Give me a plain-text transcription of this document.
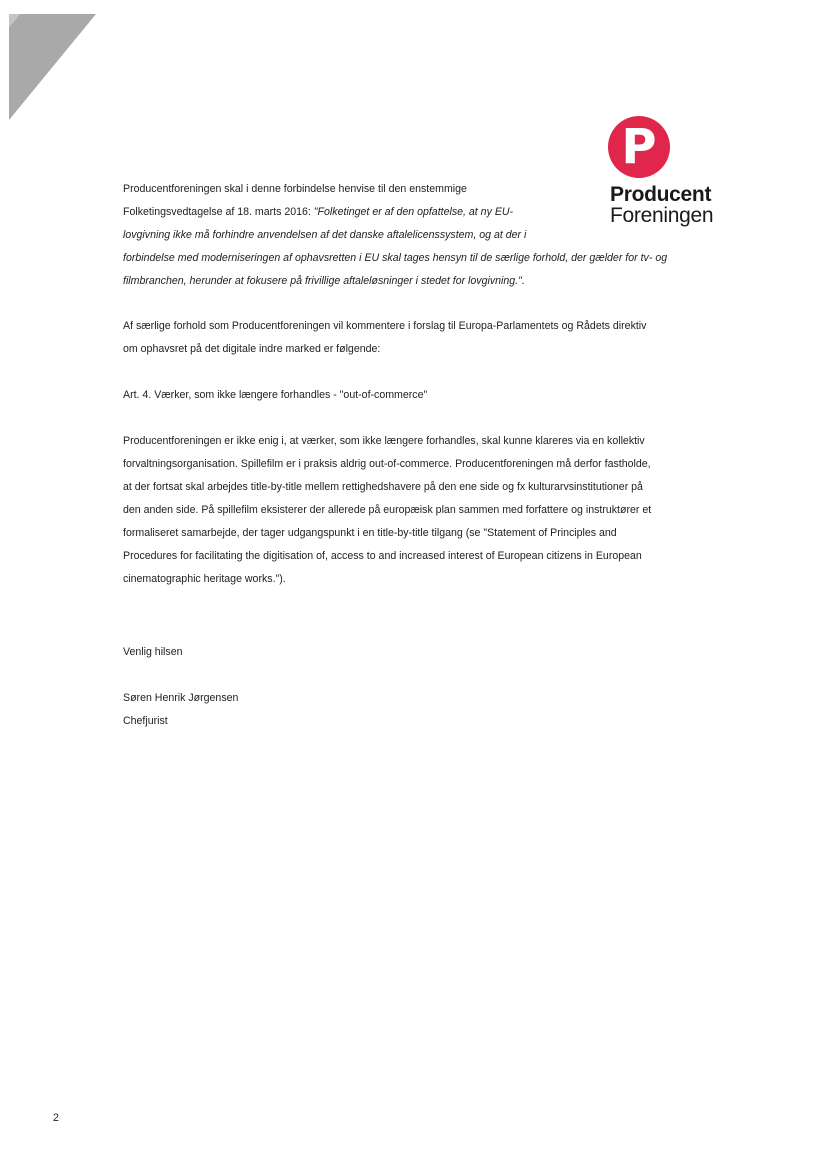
P
Producent
Foreningen
Producentforeningen skal i denne forbindelse henvise til den enstemmige
Folketingsvedtagelse af 18. marts 2016: "Folketinget er af den opfattelse, at ny EU-
lovgivning ikke må forhindre anvendelsen af det danske aftalelicenssystem, og at der i
forbindelse med moderniseringen af ophavsretten i EU skal tages hensyn til de særlige forhold, der gælder for tv- og
filmbranchen, herunder at fokusere på frivillige aftaleløsninger i stedet for lovgivning.".
Af særlige forhold som Producentforeningen vil kommentere i forslag til Europa-Parlamentets og Rådets direktiv
om ophavsret på det digitale indre marked er følgende:
Art. 4. Værker, som ikke længere forhandles - "out-of-commerce"
Producentforeningen er ikke enig i, at værker, som ikke længere forhandles, skal kunne klareres via en kollektiv
forvaltningsorganisation. Spillefilm er i praksis aldrig out-of-commerce. Producentforeningen må derfor fastholde,
at der fortsat skal arbejdes title-by-title mellem rettighedshavere på den ene side og fx kulturarvsinstitutioner på
den anden side. På spillefilm eksisterer der allerede på europæisk plan sammen med forfattere og instruktører et
formaliseret samarbejde, der tager udgangspunkt i en title-by-title tilgang (se "Statement of Principles and
Procedures for facilitating the digitisation of, access to and increased interest of European citizens in European
cinematographic heritage works.").
Venlig hilsen
Søren Henrik Jørgensen
Chefjurist
2
